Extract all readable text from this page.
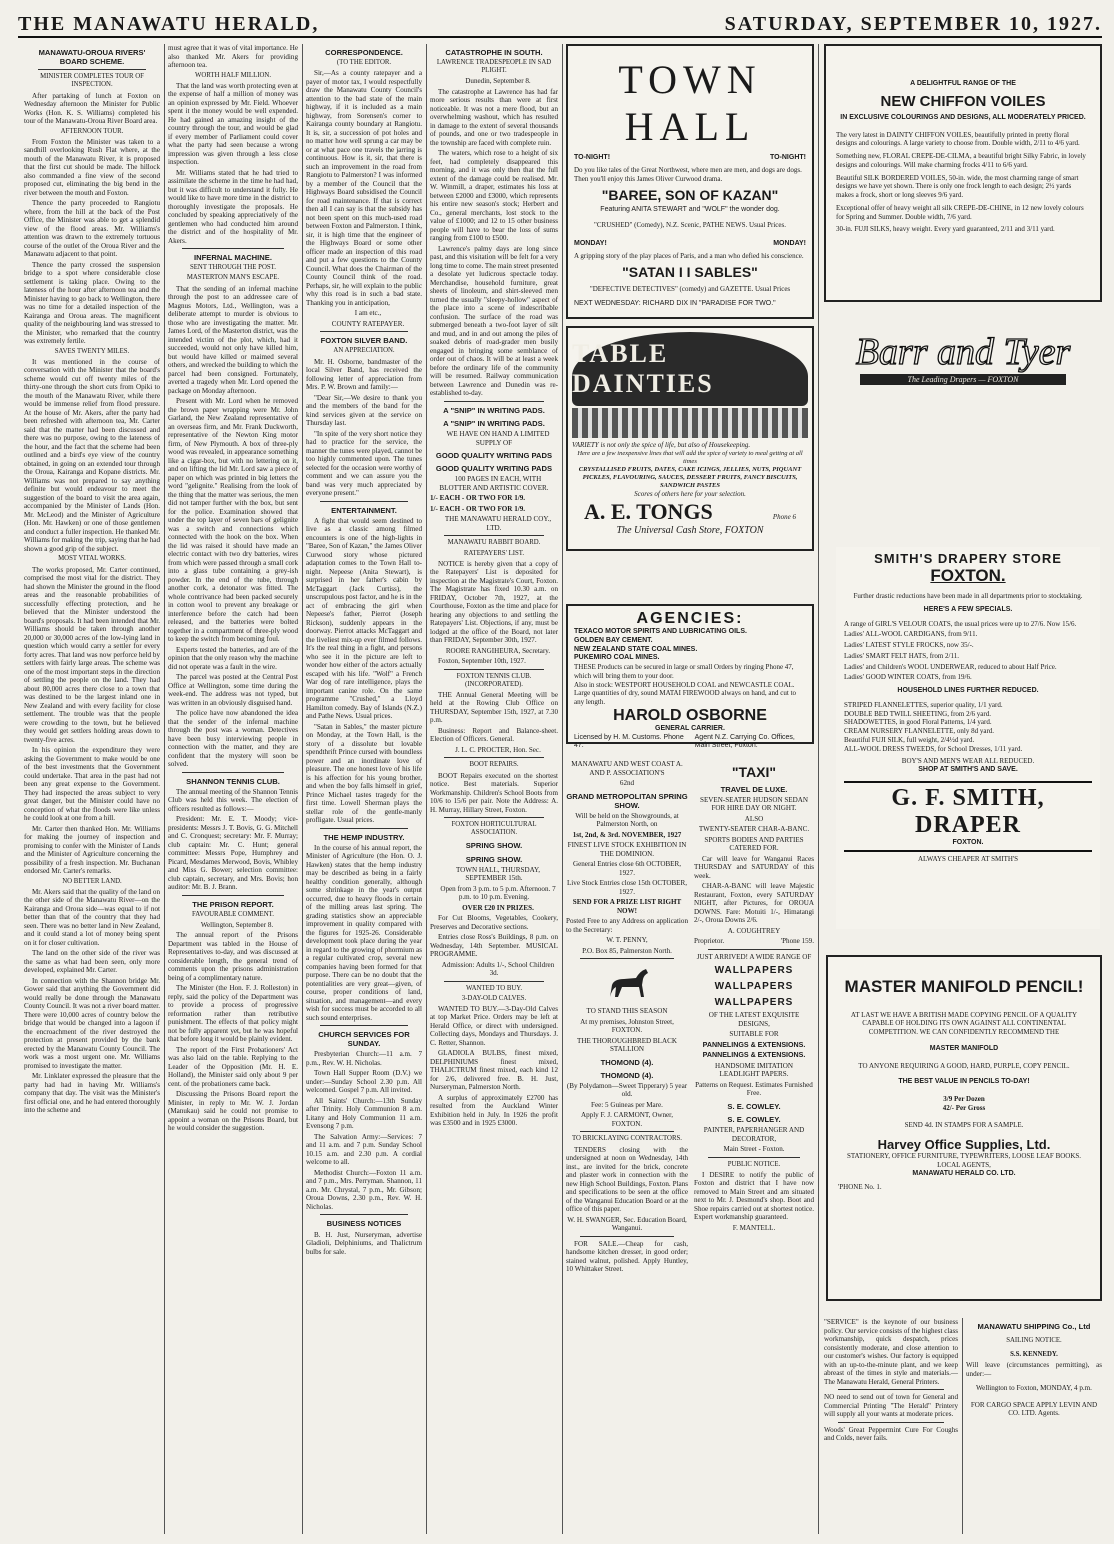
THE MANAWATU HERALD,	SATURDAY, SEPTEMBER 10, 1927.
MANAWATU-OROUA RIVERS' BOARD SCHEME.
MINISTER COMPLETES TOUR OF INSPECTION.

After partaking of lunch at Foxton on Wednesday afternoon the Minister for Public Works (Hon. K. S. Williams) completed his tour of the Manawatu-Oroua River Board area.

AFTERNOON TOUR.

From Foxton the Minister was taken to a sandhill overlooking Rush Flat where, at the mouth of the Manawatu River, it is proposed that the first cut should be made. The hillock also commanded a fine view of the second proposed cut, eliminating the big bend in the river between the mouth and Foxton.

Thence the party proceeded to Rangiotu where, from the hill at the back of the Post Office, the Minister was able to get a splendid view of the flood areas. Mr. Williams's attention was drawn to the extremely tortuous course of the outlet of the Oroua River and the Manawatu adjacent to that point.

Thence the party crossed the suspension bridge to a spot where considerable close settlement is taking place. Owing to the lateness of the hour after afternoon tea and the Minister having to go back to Wellington, there was no time for a detailed inspection of the Kairanga and Oroua areas. The magnificent quality of the neighbouring land was stressed to the Minister, who remarked that the country was extremely fertile.

SAVES TWENTY MILES.

It was mentioned in the course of conversation with the Minister that the board's scheme would cut off twenty miles of the thirty-one through the short cuts from Opiki to the mouth of the Manawatu River, while there would be immense relief from flood pressure. At the house of Mr. Akers, after the party had been refreshed with afternoon tea, Mr. Carter said that the matter had been discussed and there was no purpose, owing to the lateness of the hour, and the fact that the scheme had been outlined and a bird's eye view of the country obtained, in going on an extended tour through the Oroua, Kairanga and Kopane districts. Mr. Williams was not prepared to say anything definite but would endeavour to meet the suggestion of the board to visit the area again, accompanied by the Minister of Lands (Hon. Mr. McLeod) and the Minister of Agriculture (Hon. Mr. Hawken) or one of those gentlemen and conduct a fuller inspection. He thanked Mr. Williams for making the trip, saying that he had shown a good grip of the subject.

MOST VITAL WORKS.

The works proposed, Mr. Carter continued, comprised the most vital for the district. They had shown the Minister the ground in the flood areas and the reasonable probabilities of successfully effecting protection, and he believed that the Minister understood the board's proposals. It had been intended that Mr. Williams should be taken through another 20,000 or 30,000 acres of the low-lying land in question which would carry a settler for every forty acres. That land was now perforce held by settlers with fairly large areas. The scheme was one of the most important steps in the direction of settling the people on the land. They had about 80,000 acres there close to a town that was destined to be the largest inland one in New Zealand and with every facility for close settlement. The trouble was that the people were crowding to the town, but he believed they would get settlers holding areas down to twenty-five acres.

In his opinion the expenditure they were asking the Government to make would be one of the best investments that the Government could undertake. That area in the past had not been any great expense to the Government. They had inspected the areas subject to very great danger, but the Minister could have no conception of what the floods were like unless he could look at one from a hill.

Mr. Carter then thanked Hon. Mr. Williams for making the journey of inspection and promising to confer with the Minister of Lands and the Minister of Agriculture concerning the possibility of a fresh inspection. Mr. Buchanan endorsed Mr. Carter's remarks.

NO BETTER LAND.

Mr. Akers said that the quality of the land on the other side of the Manawatu River—on the Kairanga and Oroua side—was equal to if not better than that of the country that they had seen. There was no better land in New Zealand, and it could stand a lot of money being spent on it for closer cultivation.

The land on the other side of the river was the same as what had been seen, only more developed, explained Mr. Carter.

In connection with the Shannon bridge Mr. Gower said that anything the Government did would really be done through the Manawatu County Council. It was not a river board matter. There were 10,000 acres of country below the bridge that would be changed into a lagoon if the encroachment of the river destroyed the protection at present provided by the bank erected by the Manawatu County Council. The work was a most urgent one. Mr. Williams promised to investigate the matter.

Mr. Linklater expressed the pleasure that the party had had in having Mr. Williams's company that day. The visit was the Minister's first official one, and he had entered thoroughly into the scheme and

must agree that it was of vital importance. He also thanked Mr. Akers for providing afternoon tea.

WORTH HALF MILLION.

That the land was worth protecting even at the expense of half a million of money was an opinion expressed by Mr. Field. Whoever spent it the money would be well expended. He had gained an amazing insight of the country through the tour, and would be glad if every member of Parliament could cover what the party had seen because a wrong impression was given through a less close inspection.

Mr. Williams stated that he had tried to assimilate the scheme in the time he had had, but it was difficult to understand it fully. He would like to have more time in the district to thoroughly investigate the proposals. He concluded by speaking appreciatively of the gentlemen who had conducted him around the district and of the hospitality of Mr. Akers.

INFERNAL MACHINE.
SENT THROUGH THE POST.
MASTERTON MAN'S ESCAPE.

That the sending of an infernal machine through the post to an addressee care of Magnus Motors, Ltd., Wellington, was a deliberate attempt to murder is obvious to those who are investigating the matter. Mr. James Lord, of the Masterton district, was the intended victim of the plot, which, had it succeeded, would not only have killed him, but would have killed or maimed several others, and wrecked the building to which the parcel had been consigned. Fortunately, averted a tragedy when Mr. Lord opened the package on Monday afternoon.

Present with Mr. Lord when he removed the brown paper wrapping were Mr. John Garland, the New Zealand representative of an overseas firm, and Mr. Frank Duckworth, representative of the Newton King motor firm, of New Plymouth. A box of three-ply wood was revealed, in appearance something like a cigar-box, but with no lettering on it, and on lifting the lid Mr. Lord saw a piece of paper on which was printed in big letters the word "gelignite." Realising from the look of the thing that the matter was serious, the men did not tamper further with the box, but sent for the police. Examination showed that under the top layer of seven bars of gelignite was a switch and connections which connected with the hook on the box. When the lid was raised it should have made an electric contact with two dry batteries, wires from which were passed through a small cork into a glass tube containing a grey-ish powder. In the end of the tube, through another cork, a detonator was fitted. The whole contrivance had been packed securely in cotton wool to prevent any breakage or interference before the catch had been released, and the batteries were bolted together in a compartment of three-ply wood to keep the switch from becoming foul.

Experts tested the batteries, and are of the opinion that the only reason why the machine did not operate was a fault in the wire.

The parcel was posted at the Central Post Office at Wellington, some time during the week-end. The address was not typed, but was written in an obviously disguised hand.

The police have now abandoned the idea that the sender of the infernal machine through the post was a woman. Detectives have been busy interviewing people in connection with the matter, and they are confident that the mystery will soon be solved.

SHANNON TENNIS CLUB.

The annual meeting of the Shannon Tennis Club was held this week. The election of officers resulted as follows:—

President: Mr. E. T. Moody; vice-presidents: Messrs J. T. Bovis, G. G. Mitchell and C. Cronquest; secretary: Mr. F. Murray; club captain: Mr. C. Hunt; general committee: Messrs Pope, Humphrey and Picard, Mesdames Merwood, Bovis, Whibley and Miss G. Bower; selection committee: club captain, secretary, and Mrs. Bovis; hon auditor: Mr. B. J. Brann.

THE PRISON REPORT.
FAVOURABLE COMMENT.

Wellington, September 8.

The annual report of the Prisons Department was tabled in the House of Representatives to-day, and was discussed at considerable length, the general trend of comments upon the prisons administration being of a complimentary nature.

The Minister (the Hon. F. J. Rolleston) in reply, said the policy of the Department was to provide a process of progressive reformation rather than retributive punishment. The effects of that policy might not be fully apparent yet, but he was hopeful that before long it would be plainly evident.

The report of the First Probationers' Act was also laid on the table. Replying to the Leader of the Opposition (Mr. H. E. Holland), the Minister said only about 9 per cent. of the probationers came back.

Discussing the Prisons Board report the Minister, in reply to Mr. W. J. Jordan (Manukau) said he could not promise to appoint a woman on the Prisons Board, but he would consider the suggestion.

CORRESPONDENCE.
(TO THE EDITOR.

Sir,—As a county ratepayer and a payer of motor tax, I would respectfully draw the Manawatu County Council's attention to the bad state of the main highway, if it is included as a main highway, from Sorensen's corner to Kairanga county boundary at Rangiotu. It is, sir, a succession of pot holes and no matter how well sprung a car may be or at what pace one travels the jarring is continuous. How is it, sir, that there is such an improvement in the road from Rangiotu to Palmerston? I was informed by a member of the Council that the Highways Board subsidised the Council for road maintenance. If that is correct then all I can say is that the subsidy has not been spent on this much-used road between Foxton and Palmerston. I think, sir, it is high time that the engineer of the Highways Board or some other officer made an inspection of this road and put a few questions to the County Council. What does the Chairman of the County Council think of the road. Perhaps, sir, he will explain to the public why this road is in such a bad state. Thanking you in anticipation,

I am etc.,

COUNTY RATEPAYER.

FOXTON SILVER BAND.
AN APPRECIATION.

Mr. H. Osborne, bandmaster of the local Silver Band, has received the following letter of appreciation from Mrs. P. W. Brown and family:—

"Dear Sir,—We desire to thank you and the members of the band for the kind services given at the service on Thursday last.

"In spite of the very short notice they had to practice for the service, the manner the tunes were played, cannot be too highly commented upon. The tunes selected for the occasion were worthy of comment and we can assure you the band was very much appreciated by everyone present."

ENTERTAINMENT.

A fight that would seem destined to live as a classic among filmed encounters is one of the high-lights in "Baree, Son of Kazan," the James Oliver Curwood story whose pictured adaptation comes to the Town Hall to-night. Nepeese (Anita Stewart), is surprised in her father's cabin by McTaggart (Jack Curtiss), the unscrupulous post factor, and he is in the act of embracing the girl when Nepeese's father, Pierrot (Joseph Rickson), suddenly appears in the doorway. Pierrot attacks McTaggart and the liveliest mix-up ever filmed follows. It's the real thing in a fight, and persons who see it in the picture are left to wonder how either of the actors actually escaped with his life. "Wolf" a French War dog of rare intelligence, plays the important canine role. On the same programme "Crushed," a Lloyd Hamilton comedy. Bay of Islands (N.Z.) and Pathe News. Usual prices.

"Satan in Sables," the master picture on Monday, at the Town Hall, is the story of a dissolute but lovable spendthrift Prince cursed with boundless power and an inordinate love of pleasure. The one honest love of his life is his affection for his young brother, and when the boy falls himself in grief, Prince Michael tastes tragedy for the first time. Lowell Sherman plays the stellar role of the gentle-manly profligate. Usual prices.

THE HEMP INDUSTRY.

In the course of his annual report, the Minister of Agriculture (the Hon. O. J. Hawken) states that the hemp industry may be described as being in a fairly healthy condition generally, although some shrinkage in the year's output occurred, due to heavy floods in certain of the milling areas last spring. The grading statistics show an appreciable improvement in quality compared with the figures for 1925-26. Considerable development took place during the year in regard to the growing of phormium as a regular cultivated crop, several new companies having been formed for that purpose. There can be no doubt that the potentialities are very great—given, of course, proper conditions of land, situation, and management—and every wish for success must be accorded to all such sound enterprises.

CHURCH SERVICES FOR SUNDAY.

Presbyterian Church:—11 a.m. 7 p.m., Rev. W. H. Nicholas.

Town Hall Supper Room (D.V.) we under:—Sunday School 2.30 p.m. All welcomed. Gospel 7 p.m. All invited.

All Saints' Church:—13th Sunday after Trinity. Holy Communion 8 a.m. Litany and Holy Communion 11 a.m. Evensong 7 p.m.

The Salvation Army:—Services: 7 and 11 a.m. and 7 p.m. Sunday School 10.15 a.m. and 2.30 p.m. A cordial welcome to all.

Methodist Church:—Foxton 11 a.m. and 7 p.m., Mrs. Perryman. Shannon, 11 a.m. Mr. Chrystal, 7 p.m., Mr. Gibson; Oroua Downs, 2.30 p.m., Rev. W. H. Nicholas.

BUSINESS NOTICES

B. H. Just, Nurseryman, advertise Gladioli, Delphiniums, and Thalictrum bulbs for sale.

CATASTROPHE IN SOUTH.
LAWRENCE TRADESPEOPLE IN SAD PLIGHT.

Dunedin, September 8.

The catastrophe at Lawrence has had far more serious results than were at first noticeable. It was not a mere flood, but an overwhelming washout, which has resulted in damage to the extent of several thousands of pounds, and one or two tradespeople in the township are faced with complete ruin.

The waters, which rose to a height of six feet, had completely disappeared this morning, and it was only then that the full extent of the damage could be realised. Mr. W. Winmill, a draper, estimates his loss at between £2000 and £3000, which represents his entire new season's stock; Herbert and Co., general merchants, lost stock to the value of £1000; and 12 to 15 other business people will have to bear the loss of sums ranging from £100 to £500.

Lawrence's palmy days are long since past, and this visitation will be felt for a very long time to come. The main street presented a desolate yet ludicrous spectacle today. Merchandise, household furniture, great sheets of linoleum, and shirt-sleeved men turned the usually "sleepy-hollow" aspect of the place into a scene of indescribable confusion. The surface of the road was submerged beneath a two-foot layer of silt and mud, and in and out among the piles of soaked debris of road-grader men busily engaged in bringing some semblance of order out of chaos. It will be at least a week before the ordinary life of the community will be resumed. Railway communication between Lawrence and Dunedin was re-established to-day.

A "SNIP" IN WRITING PADS.
A "SNIP" IN WRITING PADS.

WE HAVE ON HAND A LIMITED SUPPLY OF

GOOD QUALITY WRITING PADS
GOOD QUALITY WRITING PADS

100 PAGES IN EACH, WITH BLOTTER AND ARTISTIC COVER.

1/- EACH - OR TWO FOR 1/9.

1/- EACH - OR TWO FOR 1/9.

THE MANAWATU HERALD COY., LTD.

MANAWATU RABBIT BOARD.
RATEPAYERS' LIST.

NOTICE is hereby given that a copy of the Ratepayers' List is deposited for inspection at the Magistrate's Court, Foxton. The Magistrate has fixed 10.30 a.m. on FRIDAY, October 7th, 1927, at the Courthouse, Foxton as the time and place for hearing any objections to and settling the Ratepayers' List. Objections, if any, must be lodged at the office of the Board, not later than FRIDAY, September 30th, 1927.

ROORE RANGIHEURA, Secretary.

Foxton, September 10th, 1927.

FOXTON TENNIS CLUB. (INCORPORATED).

THE Annual General Meeting will be held at the Rowing Club Office on THURSDAY, September 15th, 1927, at 7.30 p.m.

Business: Report and Balance-sheet. Election of Officers. General.

J. L. C. PROCTER, Hon. Sec.

BOOT REPAIRS.

BOOT Repairs executed on the shortest notice. Best materials. Superior Workmanship. Children's School Boots from 10/6 to 15/6 per pair. Note the Address: A. H. Murray, Hillary Street, Foxton.

FOXTON HORTICULTURAL ASSOCIATION.
SPRING SHOW.
SPRING SHOW.

TOWN HALL, THURSDAY, SEPTEMBER 15th.

Open from 3 p.m. to 5 p.m. Afternoon. 7 p.m. to 10 p.m. Evening.

OVER £20 IN PRIZES.

For Cut Blooms, Vegetables, Cookery, Preserves and Decorative sections.

Entries close Ross's Buildings, 8 p.m. on Wednesday, 14th September. MUSICAL PROGRAMME.

Admission: Adults 1/-, School Children 3d.

WANTED TO BUY.
3-DAY-OLD CALVES.

WANTED TO BUY.—3-Day-Old Calves at top Market Price. Orders may be left at Herald Office, or direct with undersigned. Collecting days, Mondays and Thursdays. J. C. Retter, Shannon.

GLADIOLA BULBS, finest mixed, DELPHINIUMS finest mixed, THALICTRUM finest mixed, each kind 12 for 2/6, delivered free. B. H. Just, Nurseryman, Palmerston North.

A surplus of approximately £2700 has resulted from the Auckland Winter Exhibition held in July. In 1926 the profit was £3500 and in 1925 £3000.

TOWN HALL
TO-NIGHT!	TO-NIGHT!
Do you like tales of the Great Northwest, where men are men, and dogs are dogs. Then you'll enjoy this James Oliver Curwood drama.
"BAREE, SON OF KAZAN"
Featuring ANITA STEWART and "WOLF" the wonder dog.
"CRUSHED" (Comedy), N.Z. Scenic, PATHE NEWS. Usual Prices.
MONDAY!	MONDAY!
A gripping story of the play places of Paris, and a man who defied his conscience.
"SATAN I I SABLES"
"DEFECTIVE DETECTIVES" (comedy) and GAZETTE. Usual Prices
NEXT WEDNESDAY: RICHARD DIX IN "PARADISE FOR TWO."
TABLE DAINTIES
VARIETY is not only the spice of life, but also of Housekeeping.
Here are a few inexpensive lines that will add the spice of variety to meal getting at all times
CRYSTALLISED FRUITS, DATES, CAKE ICINGS, JELLIES, NUTS, PIQUANT PICKLES, FLAVOURING, SAUCES, DESSERT FRUITS, FANCY BISCUITS, SANDWICH PASTES
Scores of others here for your selection.
A. E. TONGS	Phone 6
The Universal Cash Store, FOXTON
AGENCIES:
TEXACO MOTOR SPIRITS AND LUBRICATING OILS.
GOLDEN BAY CEMENT.
NEW ZEALAND STATE COAL MINES.
PUKEMIRO COAL MINES.
THESE Products can be secured in large or small Orders by ringing Phone 47, which will bring them to your door.
Also in stock: WESTPORT HOUSEHOLD COAL and NEWCASTLE COAL. Large quantities of dry, sound MATAI FIREWOOD always on hand, and cut to any length.
HAROLD OSBORNE
GENERAL CARRIER.
Licensed by H. M. Customs. Phone 47.
Agent N.Z. Carrying Co. Offices, Main Street, Foxton.

MANAWATU AND WEST COAST A. AND P. ASSOCIATION'S

62nd

GRAND METROPOLITAN SPRING SHOW.

Will be held on the Showgrounds, at Palmerston North, on

1st, 2nd, & 3rd. NOVEMBER, 1927

FINEST LIVE STOCK EXHIBITION IN THE DOMINION.

General Entries close 6th OCTOBER, 1927.

Live Stock Entries close 15th OCTOBER, 1927.

SEND FOR A PRIZE LIST RIGHT NOW!

Posted Free to any Address on application to the Secretary:

W. T. PENNY,

P.O. Box 85, Palmerston North.

TO STAND THIS SEASON

At my premises, Johnston Street, FOXTON.

THE THOROUGHBRED BLACK STALLION

THOMOND (4).
THOMOND (4).

(By Polydamon—Sweet Tipperary) 5 year old.

Fee: 5 Guineas per Mare.

Apply F. J. CARMONT, Owner, FOXTON.

TO BRICKLAYING CONTRACTORS.

TENDERS closing with the undersigned at noon on Wednesday, 14th inst., are invited for the brick, concrete and plaster work in connection with the new High School Buildings, Foxton. Plans and specifications to be seen at the office of the Wanganui Education Board or at the office of this paper.

W. H. SWANGER, Sec. Education Board, Wanganui.

FOR SALE.—Cheap for cash, handsome kitchen dresser, in good order; stained walnut, polished. Apply Huntley, 10 Whittaker Street.

"TAXI"
TRAVEL DE LUXE.

SEVEN-SEATER HUDSON SEDAN FOR HIRE DAY OR NIGHT.

ALSO

TWENTY-SEATER CHAR-A-BANC.

SPORTS BODIES AND PARTIES CATERED FOR.

Car will leave for Wanganui Races THURSDAY and SATURDAY of this week.

CHAR-A-BANC will leave Majestic Restaurant, Foxton, every SATURDAY NIGHT, after Pictures, for OROUA DOWNS. Fare: Motuiti 1/-, Himatangi 2/-, Oroua Downs 2/6.

A. COUGHTREY

Proprietor.	'Phone 159.

JUST ARRIVED! A WIDE RANGE OF

WALLPAPERS
WALLPAPERS
WALLPAPERS

OF THE LATEST EXQUISITE DESIGNS,

SUITABLE FOR

PANNELINGS & EXTENSIONS.

PANNELINGS & EXTENSIONS.

HANDSOME IMITATION LEADLIGHT PAPERS.

Patterns on Request. Estimates Furnished Free.

S. E. COWLEY.
S. E. COWLEY.

PAINTER, PAPERHANGER AND DECORATOR,

Main Street - Foxton.

PUBLIC NOTICE.

I DESIRE to notify the public of Foxton and district that I have now removed to Main Street and am situated next to Mr. J. Desmond's shop. Boot and Shoe repairs carried out at shortest notice. Expert workmanship guaranteed.

F. MANTELL.

A DELIGHTFUL RANGE OF THE
NEW CHIFFON VOILES
IN EXCLUSIVE COLOURINGS AND DESIGNS, ALL MODERATELY PRICED.
The very latest in DAINTY CHIFFON VOILES, beautifully printed in pretty floral designs and colourings. A large variety to choose from. Double width, 2/11 to 4/6 yard.
Something new, FLORAL CREPE-DE-CILMA, a beautiful bright Silky Fabric, in lovely designs and colourings. Will make charming frocks 4/11 to 6/6 yard.
Beautiful SILK BORDERED VOILES, 50-in. wide, the most charming range of smart designs we have yet shown. There is only one frock length to each design; 2½ yards makes a frock, short or long sleeves 9/6 yard.
Exceptional offer of heavy weight all silk CREPE-DE-CHINE, in 12 new lovely colours for Spring and Summer. Double width, 7/6 yard.
30-in. FUJI SILKS, heavy weight. Every yard guaranteed, 2/11 and 3/11 yard.
Barr and Tyer
The Leading Drapers — FOXTON
SMITH'S DRAPERY STORE
FOXTON.
Further drastic reductions have been made in all departments prior to stocktaking.
HERE'S A FEW SPECIALS.
A range of GIRL'S VELOUR COATS, the usual prices were up to 27/6. Now 15/6.
Ladies' ALL-WOOL CARDIGANS, from 9/11.
Ladies' LATEST STYLE FROCKS, now 35/-.
Ladies' SMART FELT HATS, from 2/11.
Ladies' and Children's WOOL UNDERWEAR, reduced to about Half Price.
Ladies' GOOD WINTER COATS, from 19/6.
HOUSEHOLD LINES FURTHER REDUCED.
STRIPED FLANNELETTES, superior quality, 1/1 yard.
DOUBLE BED TWILL SHEETING, from 2/6 yard.
SHADOWETTES, in good Floral Patterns, 1/4 yard.
CREAM NURSERY FLANNELETTE, only 8d yard.
Beautiful FUJI SILK, full weight, 2/4½d yard.
ALL-WOOL DRESS TWEEDS, for School Dresses, 1/11 yard.
BOY'S AND MEN'S WEAR ALL REDUCED.
SHOP AT SMITH'S AND SAVE.
G. F. SMITH, DRAPER
FOXTON.
ALWAYS CHEAPER AT SMITH'S
MASTER MANIFOLD PENCIL!
AT LAST WE HAVE A BRITISH MADE COPYING PENCIL OF A QUALITY CAPABLE OF HOLDING ITS OWN AGAINST ALL CONTINENTAL COMPETITION. WE CAN CONFIDENTLY RECOMMEND THE
MASTER MANIFOLD
TO ANYONE REQUIRING A GOOD, HARD, PURPLE, COPY PENCIL.
THE BEST VALUE IN PENCILS TO-DAY!
3/9 Per Dozen
42/- Per Gross
SEND 4d. IN STAMPS FOR A SAMPLE.
Harvey Office Supplies, Ltd.
STATIONERY, OFFICE FURNITURE, TYPEWRITERS, LOOSE LEAF BOOKS.
LOCAL AGENTS,
MANAWATU HERALD CO. LTD.
'PHONE No. 1.

"SERVICE" is the keynote of our business policy. Our service consists of the highest class workmanship, quick despatch, prices consistently moderate, and close attention to our customer's wishes. Our factory is equipped with an up-to-the-minute plant, and we keep abreast of the times in style and materials.—The Manawatu Herald, General Printers.

NO need to send out of town for General and Commercial Printing "The Herald" Printery will supply all your wants at moderate prices.

Woods' Great Peppermint Cure For Coughs and Colds, never fails.

MANAWATU SHIPPING Co., Ltd
SAILING NOTICE.
S.S. KENNEDY.

Will leave (circumstances permitting), as under:—

Wellington to Foxton, MONDAY, 4 p.m.

FOR CARGO SPACE APPLY LEVIN AND CO. LTD. Agents.
